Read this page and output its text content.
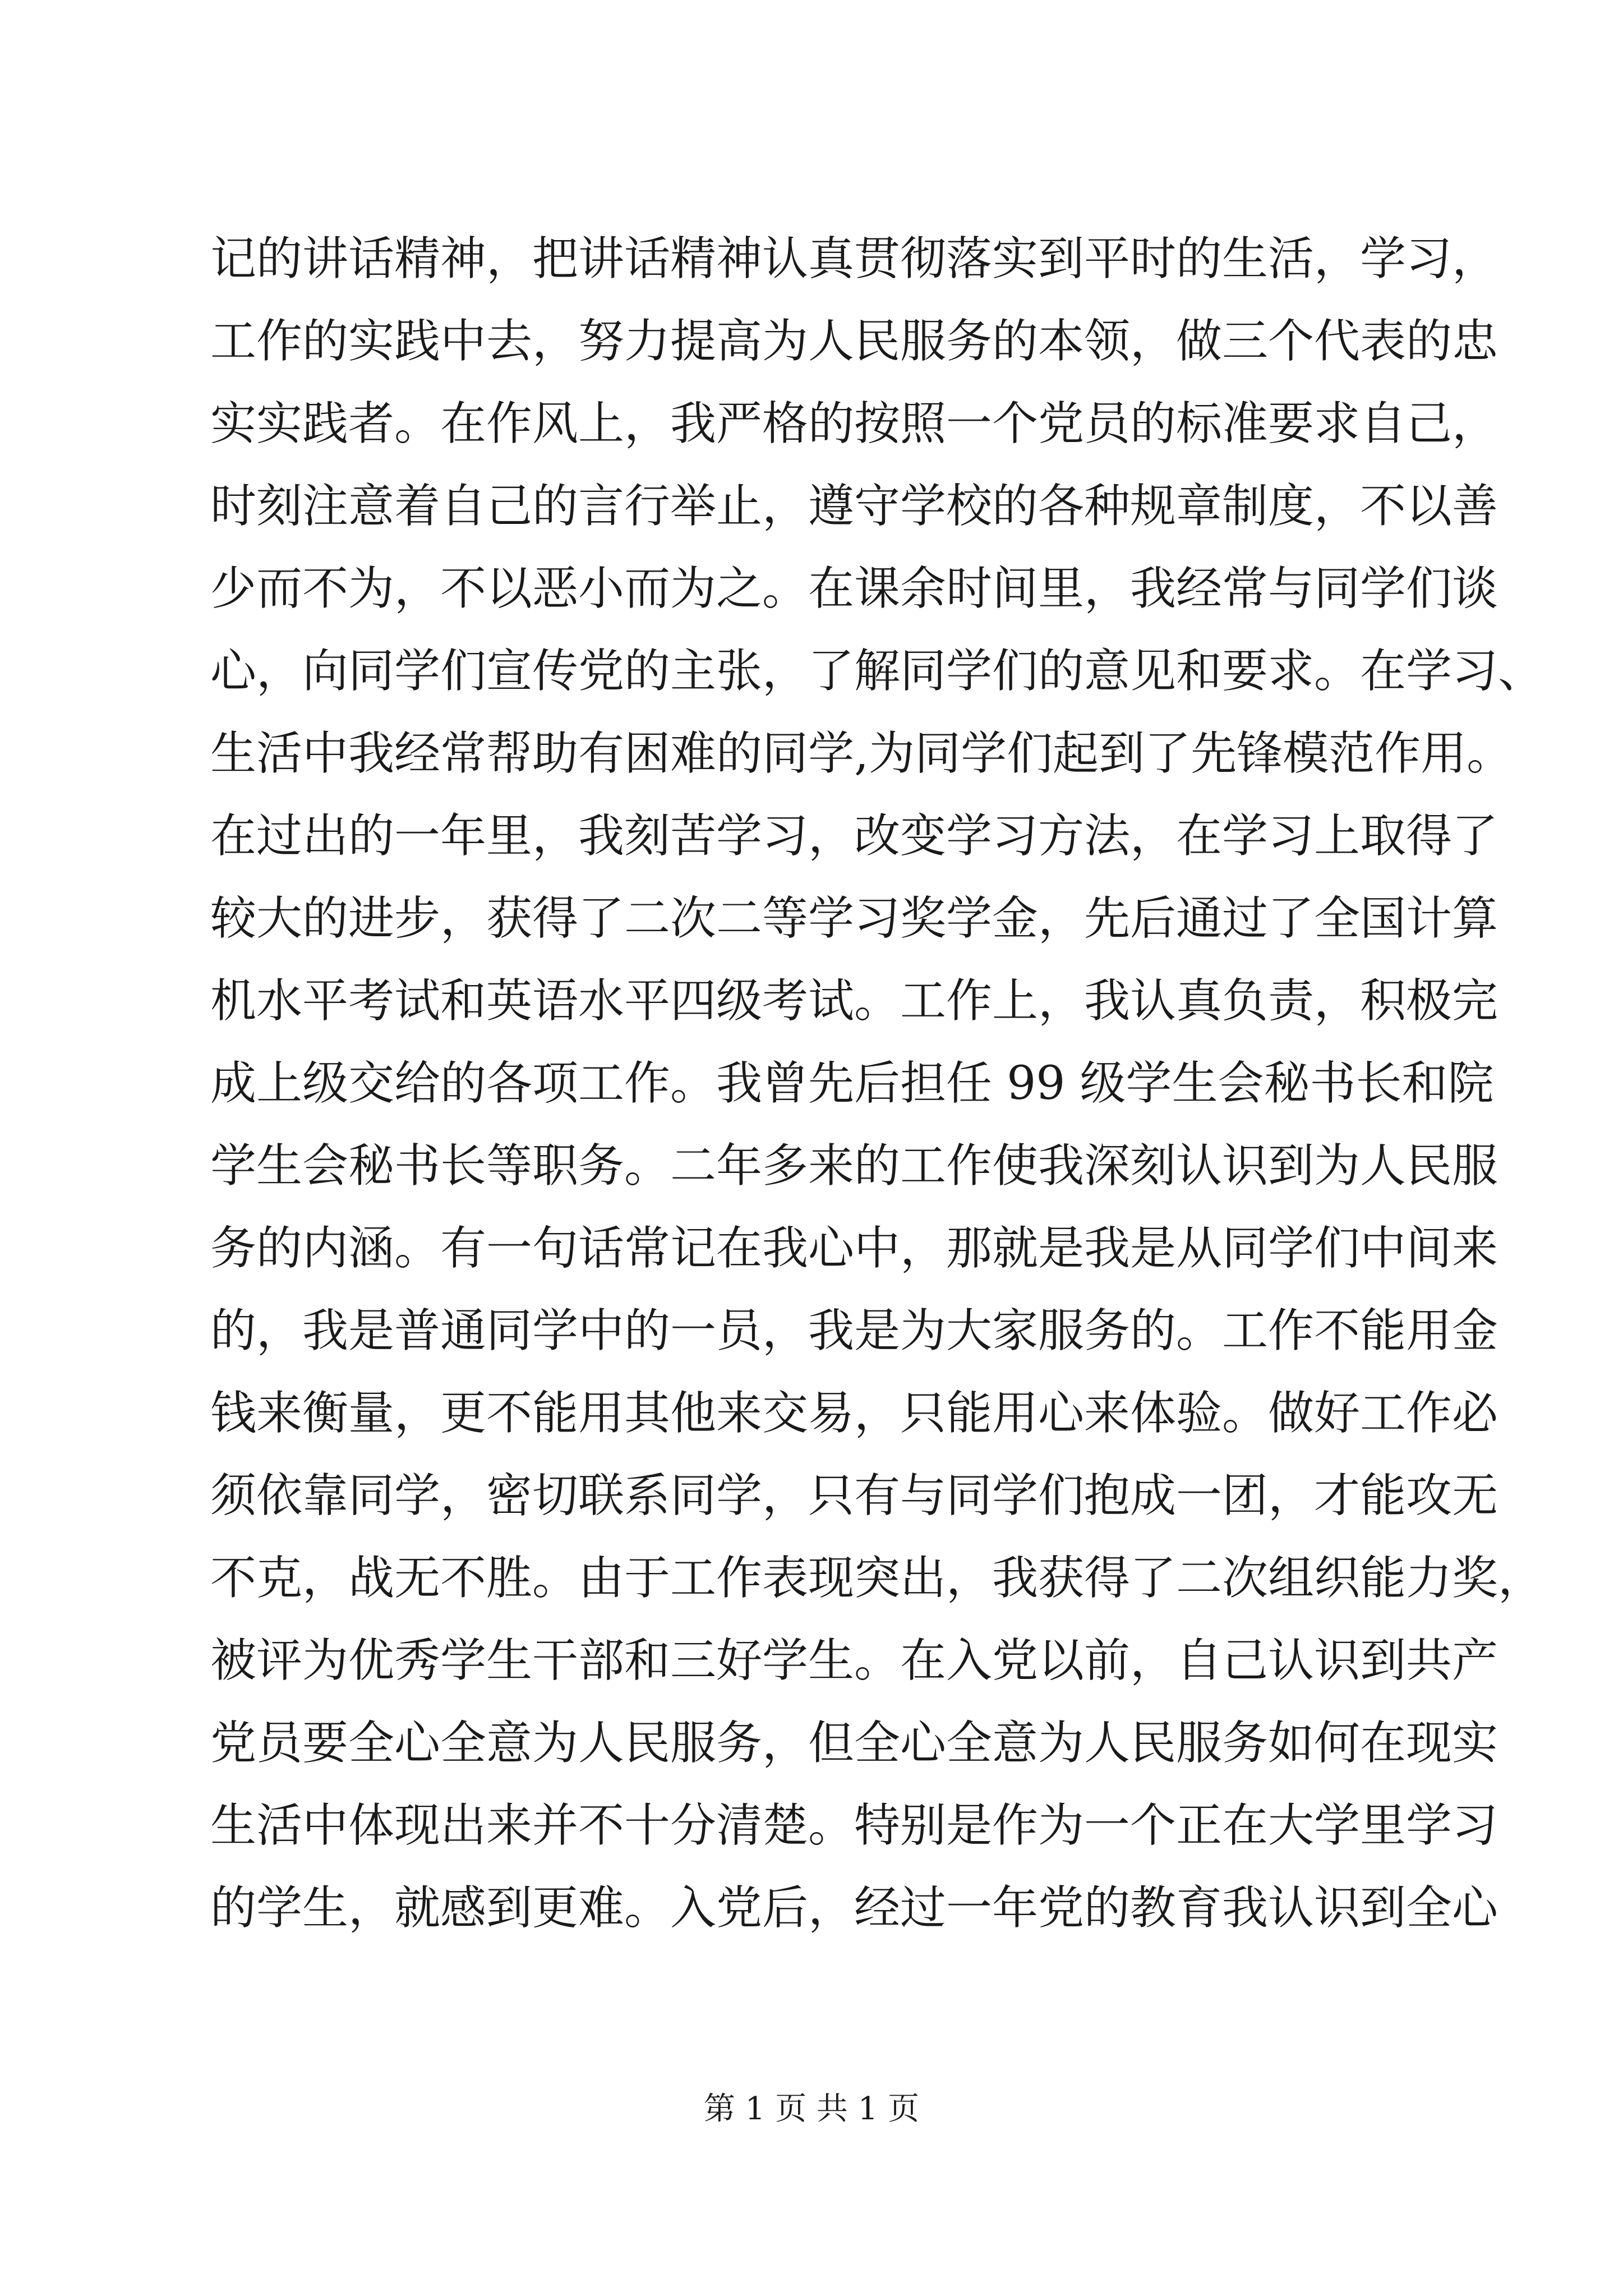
记的讲话精神，把讲话精神认真贯彻落实到平时的生活，学习，
工作的实践中去，努力提高为人民服务的本领，做三个代表的忠
实实践者。在作风上，我严格的按照一个党员的标准要求自己，
时刻注意着自己的言行举止，遵守学校的各种规章制度，不以善
少而不为，不以恶小而为之。在课余时间里，我经常与同学们谈
心，向同学们宣传党的主张，了解同学们的意见和要求。在学习、
生活中我经常帮助有困难的同学,为同学们起到了先锋模范作用。
在过出的一年里，我刻苦学习，改变学习方法，在学习上取得了
较大的进步，获得了二次二等学习奖学金，先后通过了全国计算
机水平考试和英语水平四级考试。工作上，我认真负责，积极完
成上级交给的各项工作。我曾先后担任 99 级学生会秘书长和院
学生会秘书长等职务。二年多来的工作使我深刻认识到为人民服
务的内涵。有一句话常记在我心中，那就是我是从同学们中间来
的，我是普通同学中的一员，我是为大家服务的。工作不能用金
钱来衡量，更不能用其他来交易，只能用心来体验。做好工作必
须依靠同学，密切联系同学，只有与同学们抱成一团，才能攻无
不克，战无不胜。由于工作表现突出，我获得了二次组织能力奖，
被评为优秀学生干部和三好学生。在入党以前，自己认识到共产
党员要全心全意为人民服务，但全心全意为人民服务如何在现实
生活中体现出来并不十分清楚。特别是作为一个正在大学里学习
的学生，就感到更难。入党后，经过一年党的教育我认识到全心
第 1 页 共 1 页
